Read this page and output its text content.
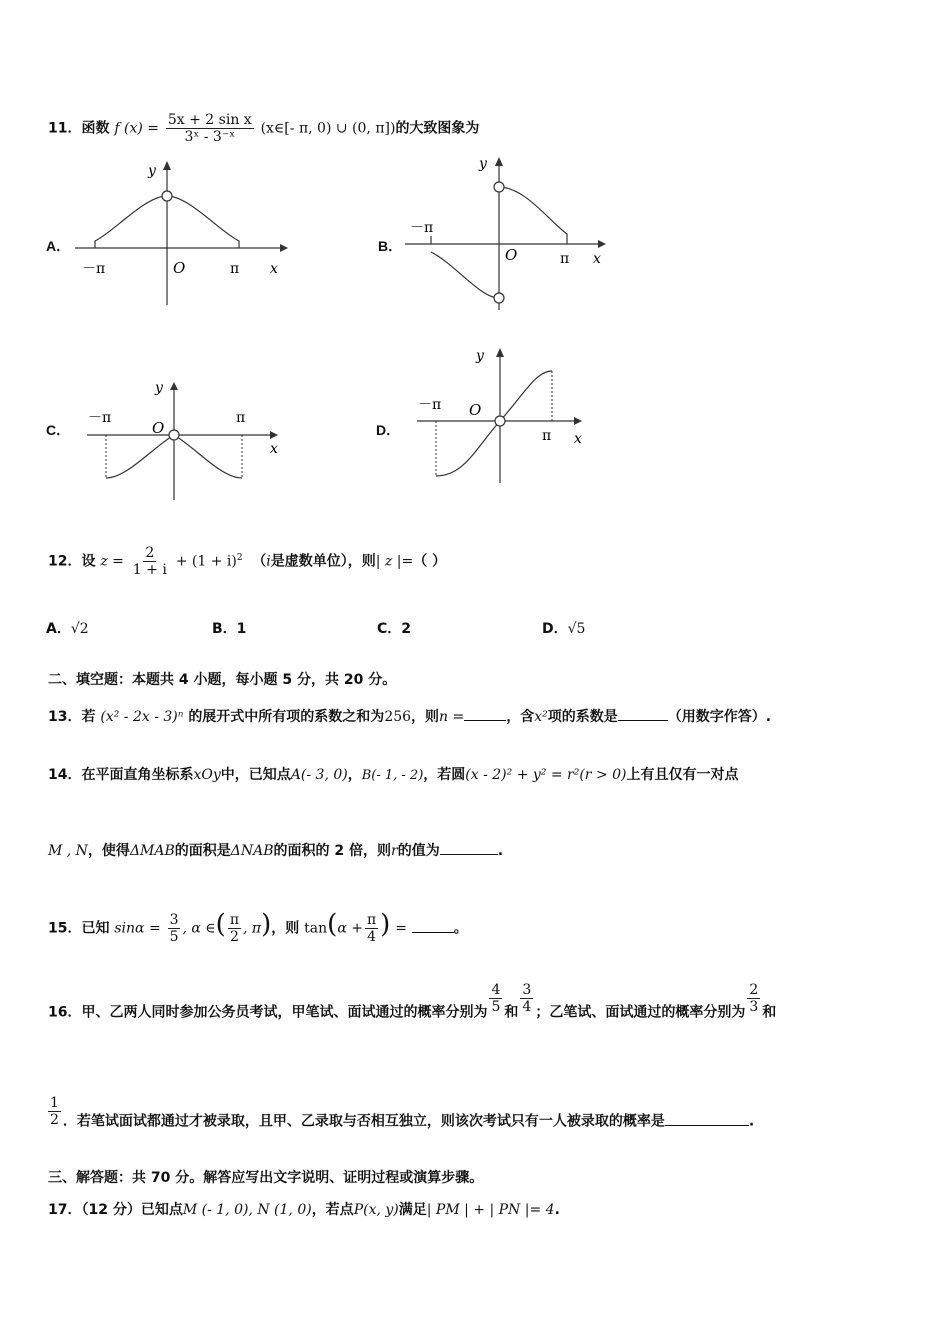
11．函数 f $(x) = \frac{\text{5x + 2 sin x}}{\text{3ˣ - 3⁻ˣ}}$ (x∈[- π, 0) ∪ (0, π])的大致图象为
A．	B．
C．	D．
y
x
O
－π	π
y
x
O
－π
π
y
x
O
－π	π
y
x
O
－π
π
12．设 $z = \frac{2}{1 + i} + (1 + i)^2$  （i是虚数单位），则| z |=（ ）
A．√2	B．1	C．2	D．√5
二、填空题：本题共 4 小题，每小题 5 分，共 20 分。
13．若 (x² - 2x - 3)ⁿ 的展开式中所有项的系数之和为256，则n =	，含x²项的系数是	（用数字作答）.
14．在平面直角坐标系xOy中，已知点A(- 3, 0)，B(- 1, - 2)，若圆(x - 2)² + y² = r²(r > 0)上有且仅有一对点
M , N，使得ΔMAB的面积是ΔNAB的面积的 2 倍，则r的值为	.
15．已知 $\sin\alpha = \frac{3}{5}$ , α ∈( $\frac{\pi}{2}$ , π)，则 $\tan(\alpha + \frac{\pi}{4}$ ) =	。
16．甲、乙两人同时参加公务员考试，甲笔试、面试通过的概率分别为 $\frac{4}{5}$ 和 $\frac{3}{4}$ ；乙笔试、面试通过的概率分别为 $\frac{2}{3}$ 和
$\frac{1}{2}$ ．若笔试面试都通过才被录取，且甲、乙录取与否相互独立，则该次考试只有一人被录取的概率是	.
三、解答题：共 70 分。解答应写出文字说明、证明过程或演算步骤。
17．（12 分）已知点M (- 1, 0), N (1, 0)，若点P(x, y)满足| PM | + | PN |= 4.
